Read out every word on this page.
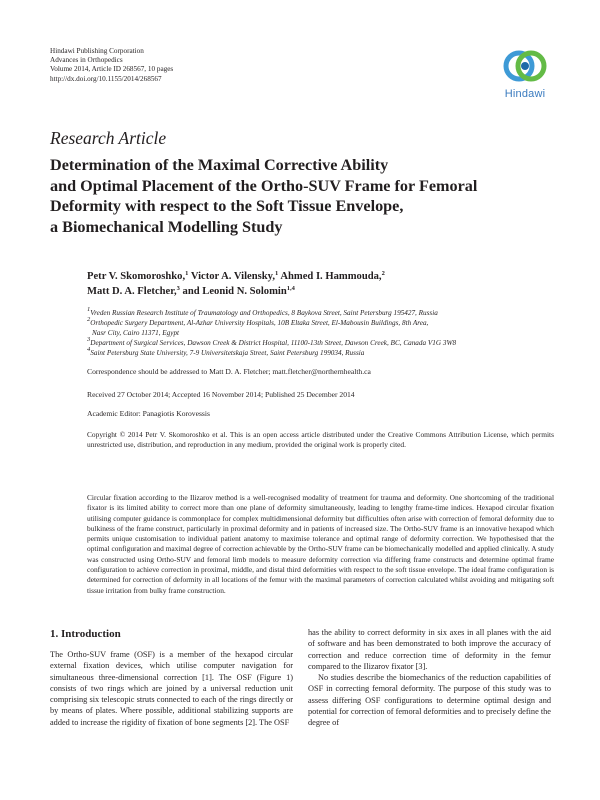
Hindawi Publishing Corporation
Advances in Orthopedics
Volume 2014, Article ID 268567, 10 pages
http://dx.doi.org/10.1155/2014/268567
Hindawi
Research Article
Determination of the Maximal Corrective Ability
and Optimal Placement of the Ortho-SUV Frame for Femoral
Deformity with respect to the Soft Tissue Envelope,
a Biomechanical Modelling Study
Petr V. Skomoroshko,$^1$ Victor A. Vilensky,$^1$ Ahmed I. Hammouda,$^2$
Matt D. A. Fletcher,$^3$ and Leonid N. Solomin$^{1,4}$
$^1$Vreden Russian Research Institute of Traumatology and Orthopedics, 8 Baykova Street, Saint Petersburg 195427, Russia
$^2$Orthopedic Surgery Department, Al-Azhar University Hospitals, 10B Eltaka Street, El-Mabousin Buildings, 8th Area,
Nasr City, Cairo 11371, Egypt
$^3$Department of Surgical Services, Dawson Creek & District Hospital, 11100-13th Street, Dawson Creek, BC, Canada V1G 3W8
$^4$Saint Petersburg State University, 7-9 Universitetskaja Street, Saint Petersburg 199034, Russia
Correspondence should be addressed to Matt D. A. Fletcher; matt.fletcher@northernhealth.ca
Received 27 October 2014; Accepted 16 November 2014; Published 25 December 2014
Academic Editor: Panagiotis Korovessis
Copyright © 2014 Petr V. Skomoroshko et al. This is an open access article distributed under the Creative Commons Attribution License, which permits unrestricted use, distribution, and reproduction in any medium, provided the original work is properly cited.
Circular fixation according to the Ilizarov method is a well-recognised modality of treatment for trauma and deformity. One shortcoming of the traditional fixator is its limited ability to correct more than one plane of deformity simultaneously, leading to lengthy frame-time indices. Hexapod circular fixation utilising computer guidance is commonplace for complex multidimensional deformity but difficulties often arise with correction of femoral deformity due to bulkiness of the frame construct, particularly in proximal deformity and in patients of increased size. The Ortho-SUV frame is an innovative hexapod which permits unique customisation to individual patient anatomy to maximise tolerance and optimal range of deformity correction. We hypothesised that the optimal configuration and maximal degree of correction achievable by the Ortho-SUV frame can be biomechanically modelled and applied clinically. A study was constructed using Ortho-SUV and femoral limb models to measure deformity correction via differing frame constructs and determine optimal frame configuration to achieve correction in proximal, middle, and distal third deformities with respect to the soft tissue envelope. The ideal frame configuration is determined for correction of deformity in all locations of the femur with the maximal parameters of correction calculated whilst avoiding and mitigating soft tissue irritation from bulky frame construction.
1. Introduction

The Ortho-SUV frame (OSF) is a member of the hexapod circular external fixation devices, which utilise computer navigation for simultaneous three-dimensional correction [1]. The OSF (Figure 1) consists of two rings which are joined by a universal reduction unit comprising six telescopic struts connected to each of the rings directly or by means of plates. Where possible, additional stabilizing supports are added to increase the rigidity of fixation of bone segments [2]. The OSF

has the ability to correct deformity in six axes in all planes with the aid of software and has been demonstrated to both improve the accuracy of correction and reduce correction time of deformity in the femur compared to the Ilizarov fixator [3].

No studies describe the biomechanics of the reduction capabilities of OSF in correcting femoral deformity. The purpose of this study was to assess differing OSF configurations to determine optimal design and potential for correction of femoral deformities and to precisely define the degree of
